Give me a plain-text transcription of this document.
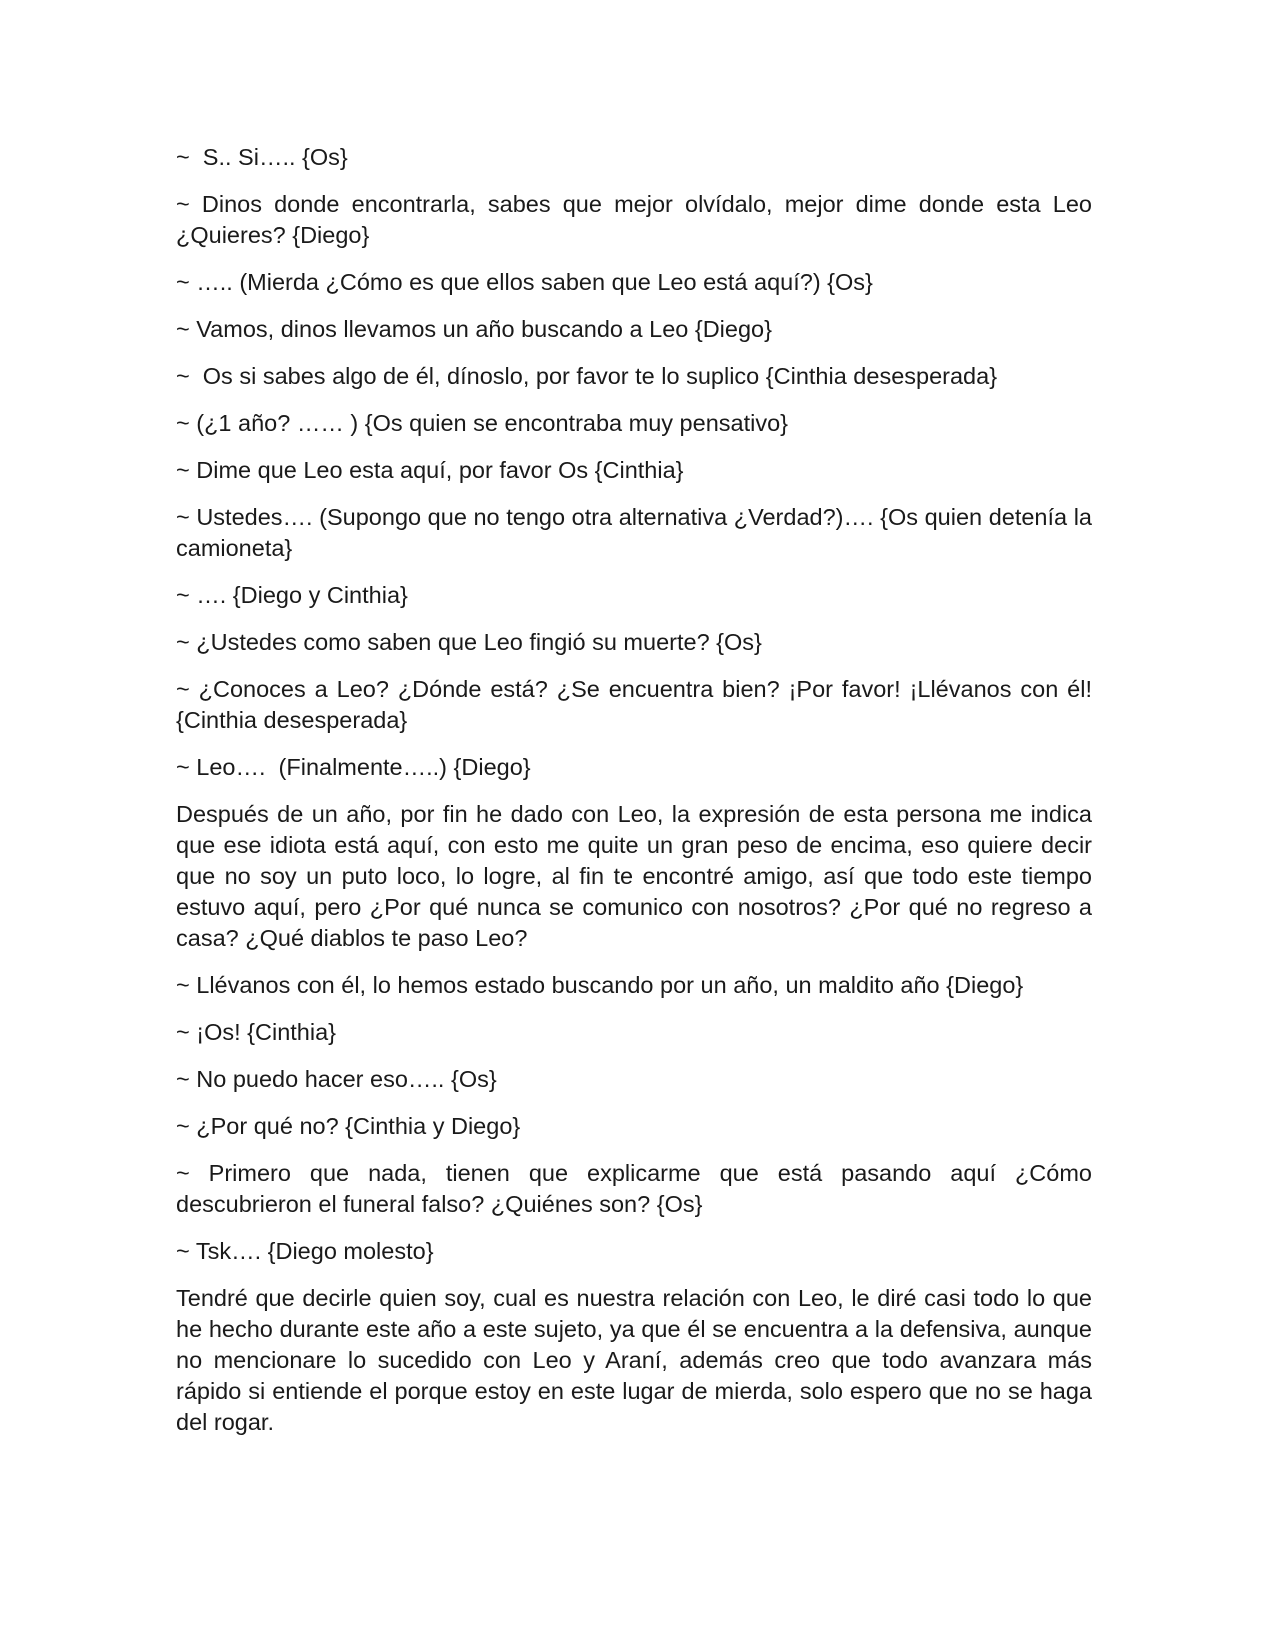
~  S.. Si….. {Os}

~ Dinos donde encontrarla, sabes que mejor olvídalo, mejor dime donde esta Leo ¿Quieres? {Diego}

~ ….. (Mierda ¿Cómo es que ellos saben que Leo está aquí?) {Os}

~ Vamos, dinos llevamos un año buscando a Leo {Diego}

~  Os si sabes algo de él, dínoslo, por favor te lo suplico {Cinthia desesperada}

~ (¿1 año? …… ) {Os quien se encontraba muy pensativo}

~ Dime que Leo esta aquí, por favor Os {Cinthia}

~ Ustedes…. (Supongo que no tengo otra alternativa ¿Verdad?)…. {Os quien detenía la camioneta}

~ …. {Diego y Cinthia}

~ ¿Ustedes como saben que Leo fingió su muerte? {Os}

~ ¿Conoces a Leo? ¿Dónde está? ¿Se encuentra bien? ¡Por favor! ¡Llévanos con él! {Cinthia desesperada}

~ Leo….  (Finalmente…..) {Diego}

Después de un año, por fin he dado con Leo, la expresión de esta persona me indica que ese idiota está aquí, con esto me quite un gran peso de encima, eso quiere decir que no soy un puto loco, lo logre, al fin te encontré amigo, así que todo este tiempo estuvo aquí, pero ¿Por qué nunca se comunico con nosotros? ¿Por qué no regreso a casa? ¿Qué diablos te paso Leo?

~ Llévanos con él, lo hemos estado buscando por un año, un maldito año {Diego}

~ ¡Os! {Cinthia}

~ No puedo hacer eso….. {Os}

~ ¿Por qué no? {Cinthia y Diego}

~ Primero que nada, tienen que explicarme que está pasando aquí ¿Cómo descubrieron el funeral falso? ¿Quiénes son? {Os}

~ Tsk…. {Diego molesto}

Tendré que decirle quien soy, cual es nuestra relación con Leo, le diré casi todo lo que he hecho durante este año a este sujeto, ya que él se encuentra a la defensiva, aunque no mencionare lo sucedido con Leo y Araní, además creo que todo avanzara más rápido si entiende el porque estoy en este lugar de mierda, solo espero que no se haga del rogar.
